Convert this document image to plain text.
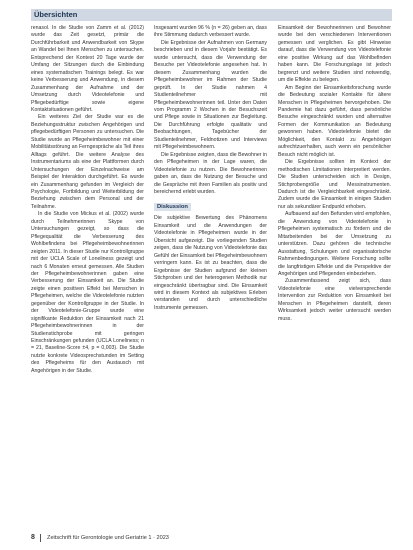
Übersichten

renasol. In die Studie von Zamm et al. (2012) wurde das Zeit gesetzt, primär die Durchführbarkeit und Anwendbarkeit von Skype an Wandel bei Ihnen Menschen zu untersuchen. Entsprechend der Kontext 20 Tage wurde der Umfang der Sitzungen durch die Einbindung eines systematischen Trainings belegt. Es war keine Verbesserung und Anwendung, in diesem Zusammenhang der Aufnahme und der Umsetzung durch Videotelefonie und Pflegebedürftige sowie eigene Kontaktsituationen geführt.

Ein weiteres Ziel der Studie war es die Beziehungsstruktur zwischen Angehörigen und pflegebedürftigen Personen zu untersuchen. Die Studie wurde an Pflegeheimbewohner mit einer Mobilitätsstörung an Ferngespräche als Teil ihres Alltags geführt. Die weitere Analyse des Instrumentariums als eine der Plattformen durch Untersuchungen der Einzelnachweise am Beispiel der Interaktion durchgeführt. Es wurde ein Zusammenhang gefunden im Vergleich der Psychologie, Fortbildung und Weiterbildung der Beziehung zwischen dem Personal und der Teilnahme.

In die Studie von Mickus et al. (2002) wurde durch Teilnehmerinnen Skype von Untersuchungen gezeigt, so dass die Pflegequalität die Verbesserung des Wohlbefindens bei Pflegeheimbewohnerinnen zeigten 2011. In dieser Studie nur Kontrollgruppe mit der UCLA Scale of Loneliness gezeigt und nach 6 Monaten erneut gemessen. Alle Studien der Pflegeheimbewohnerinnen gaben eine Verbesserung der Einsamkeit an. Die Studie zeigte einen positiven Effekt bei Menschen in Pflegeheimen, welche die Videotelefonie nutzten gegenüber der Kontrollgruppe in der Studie. In der Videotelefonie-Gruppe wurde eine signifikante Reduktion der Einsamkeit nach 21 Pflegeheimbewohnerinnen in der Studienstichprobe mit geringen Einschränkungen gefunden (UCLA Loneliness; n = 21, Baseline-Score ±4, p = 0,003). Die Studie nutzte konkrete Videosprechstunden im Setting des Pflegeheims für den Austausch mit Angehörigen in der Studie.

Insgesamt wurden 96 % (n = 26) geben an, dass ihre Stimmung dadurch verbessert wurde.

Die Ergebnisse der Aufnahmen von Germany beschrieben und in diesem Vorjahr bestätigt. Es wurde untersucht, dass die Verwendung der Besuche per Videotelefonie angesehen hat. In diesem Zusammenhang wurden die Pflegeheimbewohner im Rahmen der Studie geprüft. In der Studie nahmen 4 Studienteilnehmer mit Pflegeheimbewohnerinnen teil. Unter den Daten vom Programm 2 Wochen in der Besuchszeit und Pflege sowie in Situationen zur Begleitung. Die Durchführung erfolgte qualitativ und Beobachtungen, Tagebücher der Studienteilnehmer, Feldnotizen und Interviews mit Pflegeheimbewohnern.

Die Ergebnisse zeigten, dass die Bewohner in den Pflegeheimen in der Lage waren, die Videotelefonie zu nutzen. Die Bewohnerinnen gaben an, dass die Nutzung der Besuche und die Gespräche mit ihren Familien als positiv und bereichernd erlebt wurden.

Diskussion

Die subjektive Bewertung des Phänomens Einsamkeit und die Anwendungen der Videotelefonie in Pflegeheimen wurde in der Übersicht aufgezeigt. Die vorliegenden Studien zeigen, dass die Nutzung von Videotelefonie das Gefühl der Einsamkeit bei Pflegeheimbewohnern verringern kann. Es ist zu beachten, dass die Ergebnisse der Studien aufgrund der kleinen Stichproben und der heterogenen Methodik nur eingeschränkt übertragbar sind. Die Einsamkeit wird in diesem Kontext als subjektives Erleben verstanden und durch unterschiedliche Instrumente gemessen.

Einsamkeit der Bewohnerinnen und Bewohner wurde bei den verschiedenen Interventionen gemessen und verglichen. Es gibt Hinweise darauf, dass die Verwendung von Videotelefonie eine positive Wirkung auf das Wohlbefinden haben kann. Die Forschungslage ist jedoch begrenzt und weitere Studien sind notwendig, um die Effekte zu belegen.

Am Beginn der Einsamkeitsforschung wurde die Bedeutung sozialer Kontakte für ältere Menschen in Pflegeheimen hervorgehoben. Die Pandemie hat dazu geführt, dass persönliche Besuche eingeschränkt wurden und alternative Formen der Kommunikation an Bedeutung gewonnen haben. Videotelefonie bietet die Möglichkeit, den Kontakt zu Angehörigen aufrechtzuerhalten, auch wenn ein persönlicher Besuch nicht möglich ist.

Die Ergebnisse sollten im Kontext der methodischen Limitationen interpretiert werden. Die Studien unterscheiden sich in Design, Stichprobengröße und Messinstrumenten. Dadurch ist die Vergleichbarkeit eingeschränkt. Zudem wurde die Einsamkeit in einigen Studien nur als sekundärer Endpunkt erhoben.

Aufbauend auf den Befunden wird empfohlen, die Anwendung von Videotelefonie in Pflegeheimen systematisch zu fördern und die Mitarbeitenden bei der Umsetzung zu unterstützen. Dazu gehören die technische Ausstattung, Schulungen und organisatorische Rahmenbedingungen. Weitere Forschung sollte die langfristigen Effekte und die Perspektive der Angehörigen und Pflegenden einbeziehen.

Zusammenfassend zeigt sich, dass Videotelefonie eine vielversprechende Intervention zur Reduktion von Einsamkeit bei Menschen in Pflegeheimen darstellt, deren Wirksamkeit jedoch weiter untersucht werden muss.

8 Zeitschrift für Gerontologie und Geriatrie 1 · 2023
